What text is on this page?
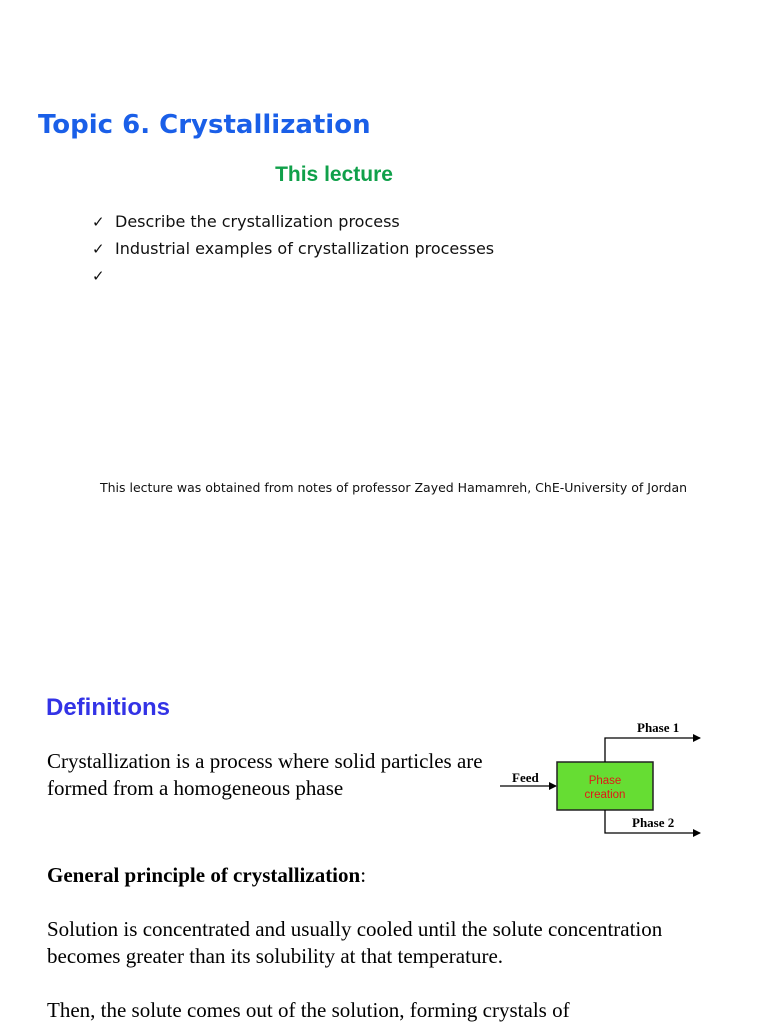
Topic 6. Crystallization
This lecture
✓ Describe the crystallization process
✓ Industrial examples of crystallization processes
✓

This lecture was obtained from notes of professor Zayed Hamamreh, ChE-University of Jordan

Definitions

Crystallization is a process where solid particles are formed from a homogeneous phase	Feed	Phase
creation
Phase 1
Phase 2

General principle of crystallization:

Solution is concentrated and usually cooled until the solute concentration becomes greater than its solubility at that temperature.

Then, the solute comes out of the solution, forming crystals of
